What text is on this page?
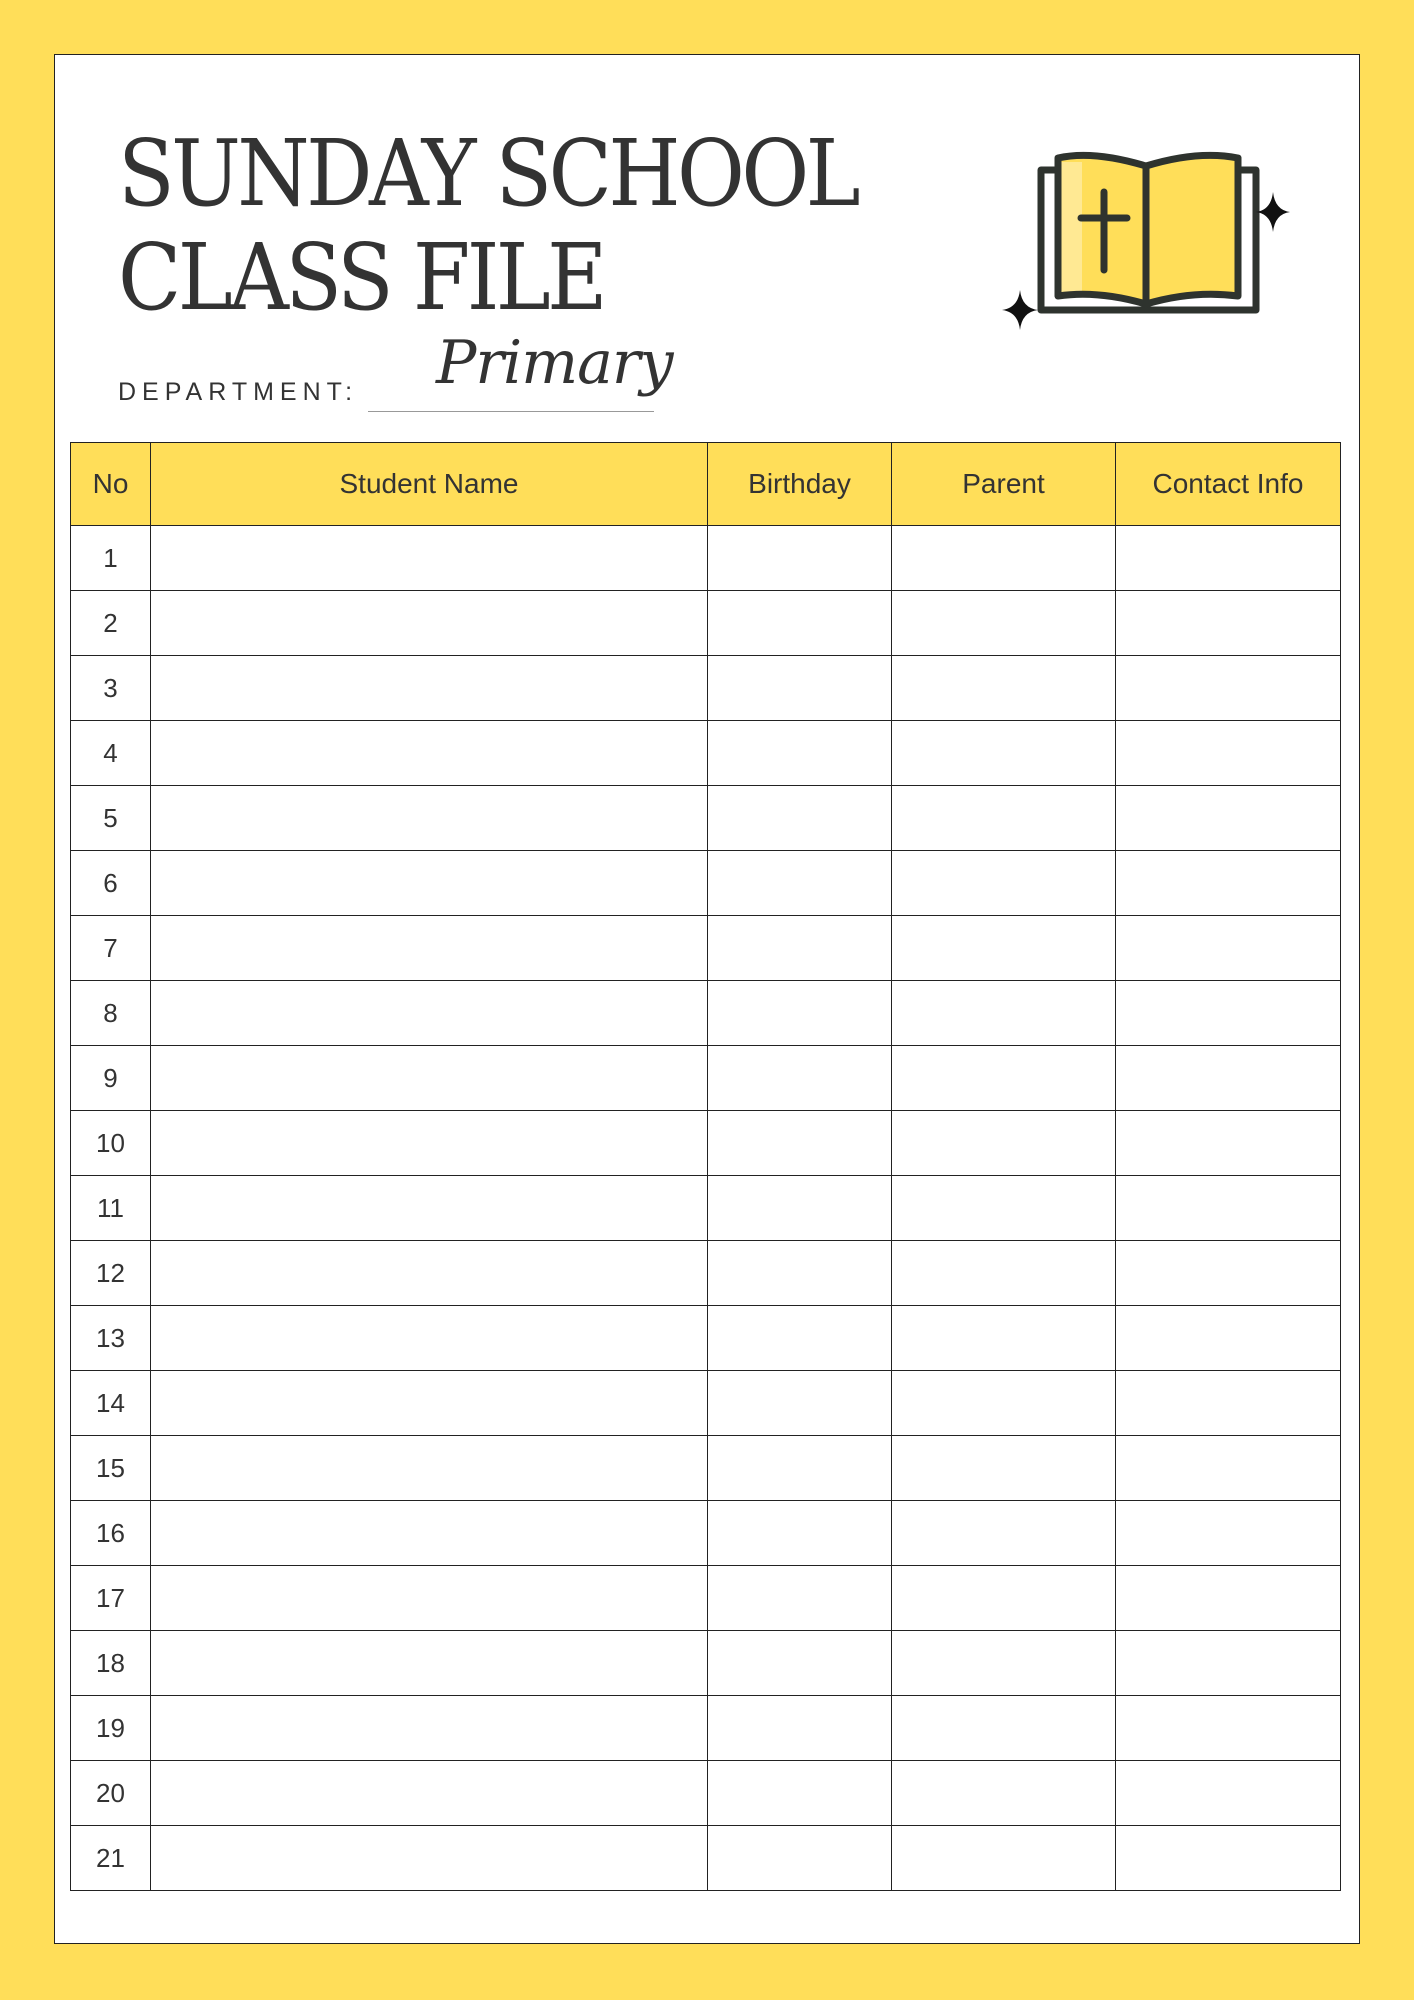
SUNDAY SCHOOL
CLASS FILE
DEPARTMENT: Primary
No	Student Name	Birthday	Parent	Contact Info
1				
2				
3				
4				
5				
6				
7				
8				
9				
10				
11				
12				
13				
14				
15				
16				
17				
18				
19				
20				
21				
